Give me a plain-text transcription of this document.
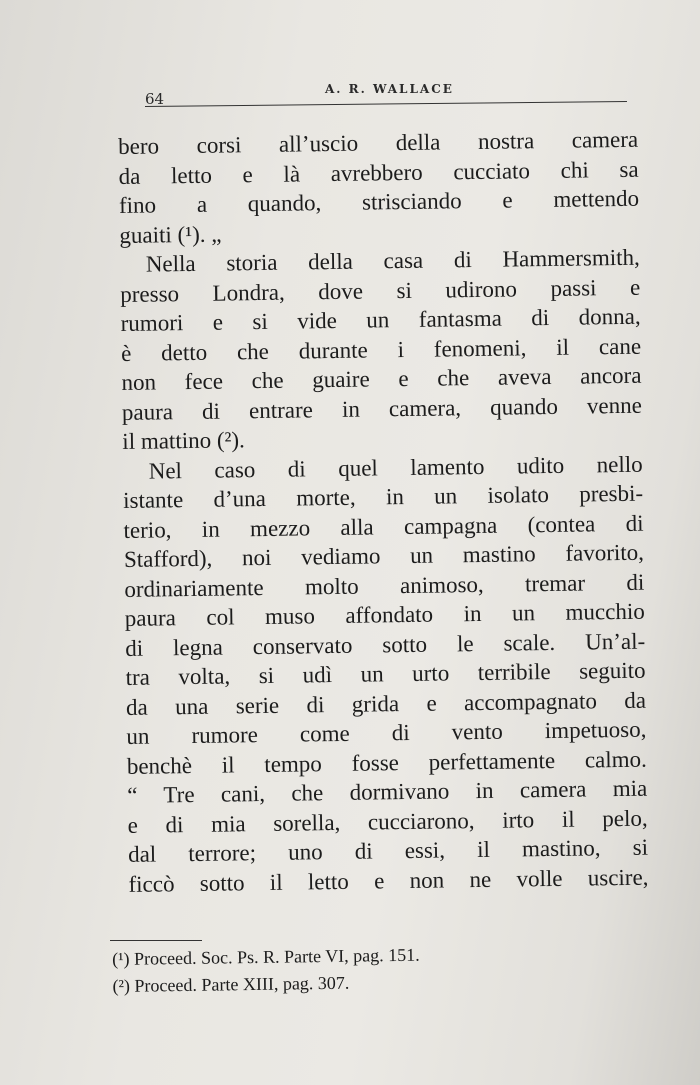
64
A. R. WALLACE
bero corsi all’uscio della nostra camera
da letto e là avrebbero cucciato chi sa
fino a quando, strisciando e mettendo
guaiti (¹). „
Nella storia della casa di Hammersmith,
presso Londra, dove si udirono passi e
rumori e si vide un fantasma di donna,
è detto che durante i fenomeni, il cane
non fece che guaire e che aveva ancora
paura di entrare in camera, quando venne
il mattino (²).
Nel caso di quel lamento udito nello
istante d’una morte, in un isolato presbi-
terio, in mezzo alla campagna (contea di
Stafford), noi vediamo un mastino favorito,
ordinariamente molto animoso, tremar di
paura col muso affondato in un mucchio
di legna conservato sotto le scale. Un’al-
tra volta, si udì un urto terribile seguito
da una serie di grida e accompagnato da
un rumore come di vento impetuoso,
benchè il tempo fosse perfettamente calmo.
“ Tre cani, che dormivano in camera mia
e di mia sorella, cucciarono, irto il pelo,
dal terrore; uno di essi, il mastino, si
ficcò sotto il letto e non ne volle uscire,
(¹) Proceed. Soc. Ps. R. Parte VI, pag. 151.
(²) Proceed. Parte XIII, pag. 307.
